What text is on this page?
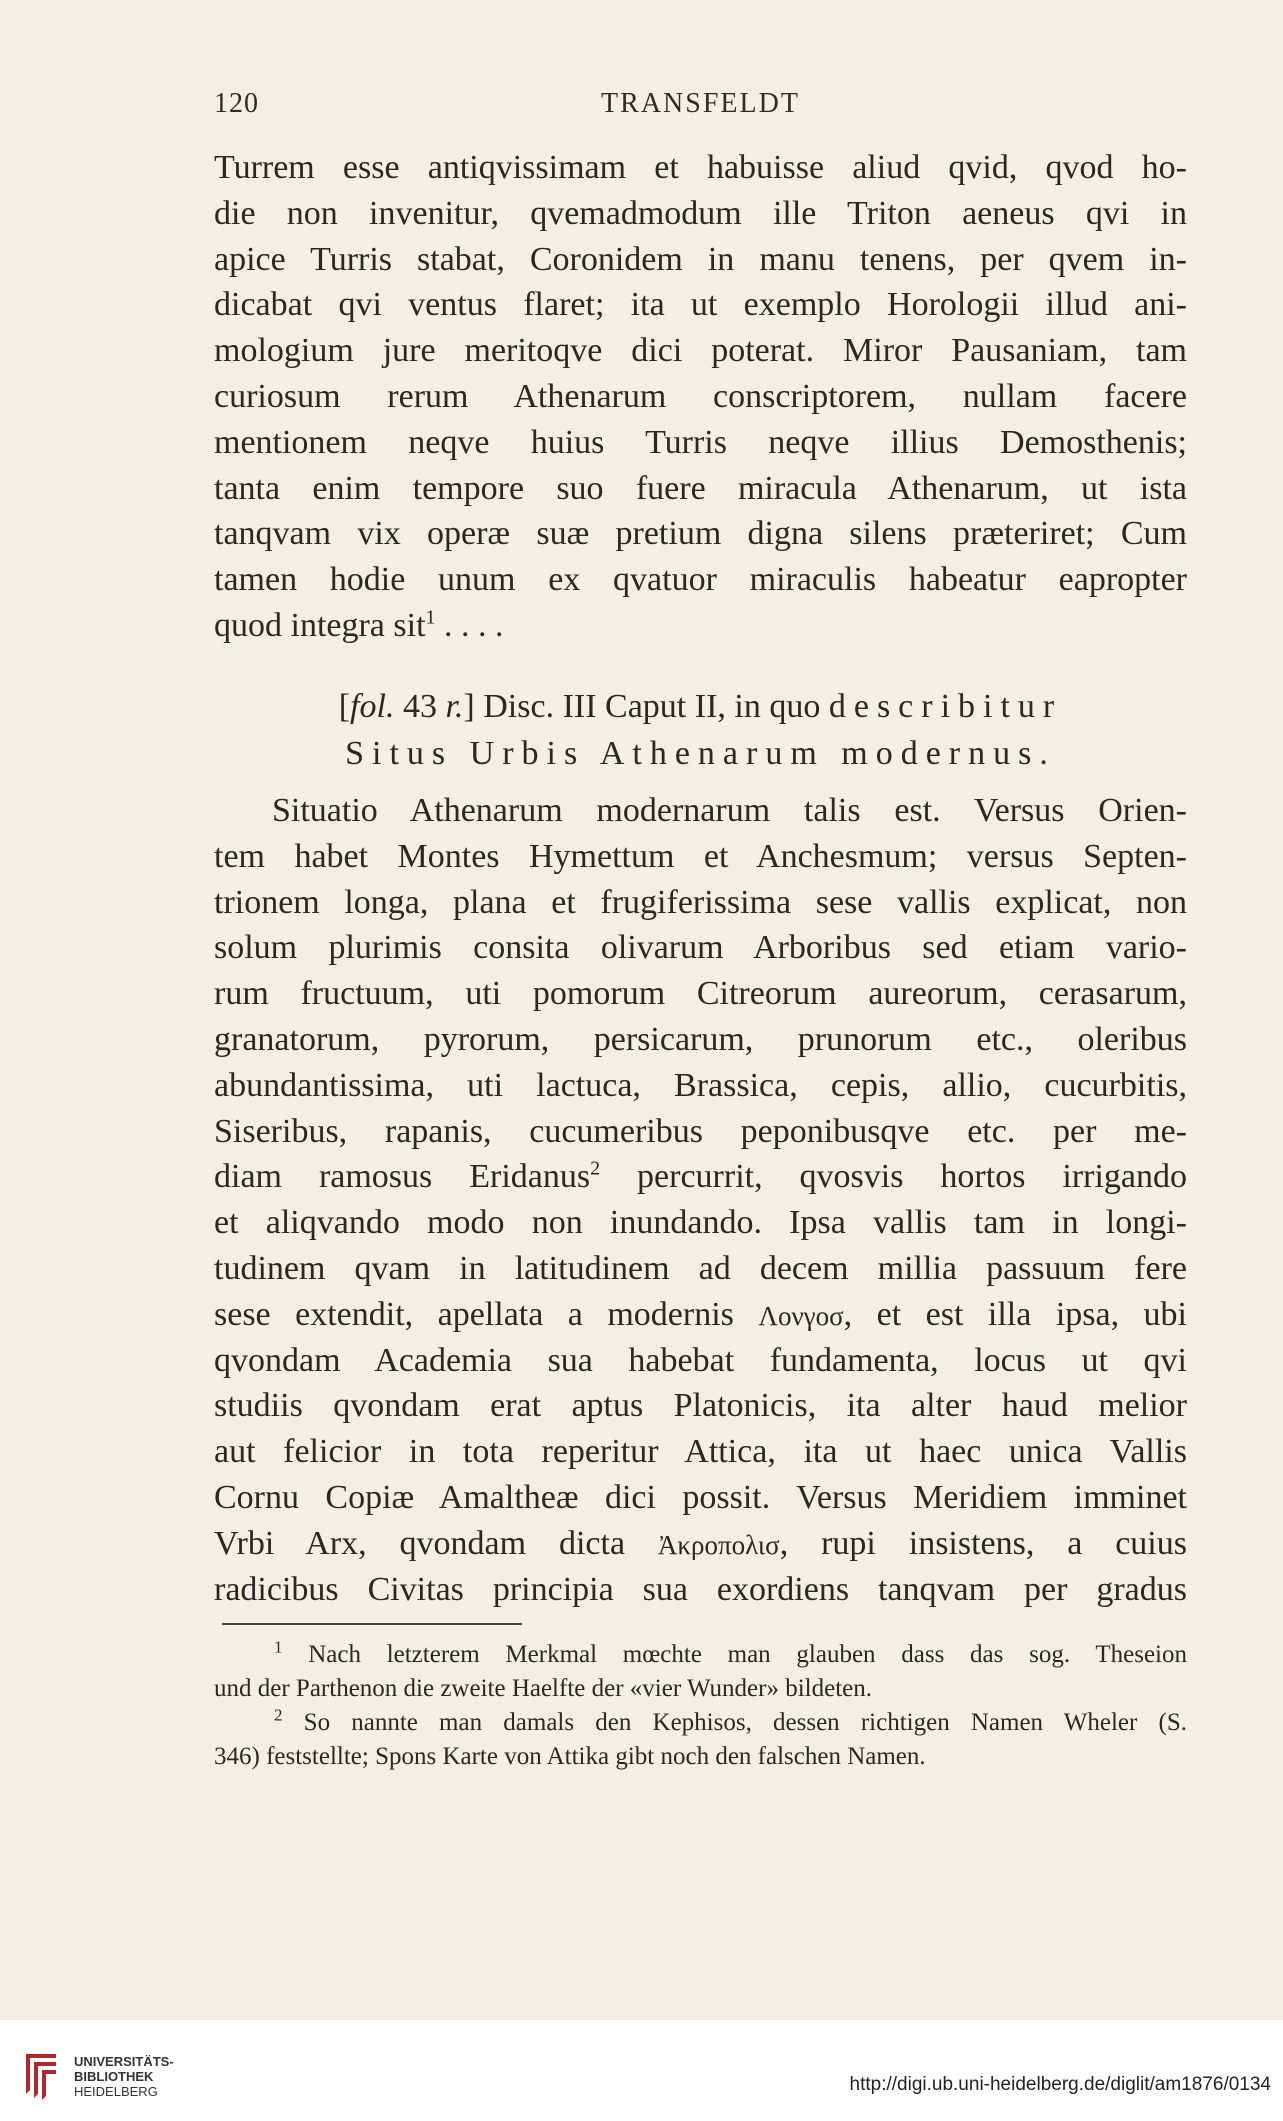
120	TRANSFELDT
Turrem esse antiqvissimam et habuisse aliud qvid, qvod ho-
die non invenitur, qvemadmodum ille Triton aeneus qvi in
apice Turris stabat, Coronidem in manu tenens, per qvem in-
dicabat qvi ventus flaret; ita ut exemplo Horologii illud ani-
mologium jure meritoqve dici poterat. Miror Pausaniam, tam
curiosum rerum Athenarum conscriptorem, nullam facere
mentionem neqve huius Turris neqve illius Demosthenis;
tanta enim tempore suo fuere miracula Athenarum, ut ista
tanqvam vix operæ suæ pretium digna silens præteriret; Cum
tamen hodie unum ex qvatuor miraculis habeatur eapropter
quod integra sit$^1$ . . . .
[fol. 43 r.] Disc. III Caput II, in quo describitur
Situs Urbis Athenarum modernus.
Situatio Athenarum modernarum talis est. Versus Orien-
tem habet Montes Hymettum et Anchesmum; versus Septen-
trionem longa, plana et frugiferissima sese vallis explicat, non
solum plurimis consita olivarum Arboribus sed etiam vario-
rum fructuum, uti pomorum Citreorum aureorum, cerasarum,
granatorum, pyrorum, persicarum, prunorum etc., oleribus
abundantissima, uti lactuca, Brassica, cepis, allio, cucurbitis,
Siseribus, rapanis, cucumeribus peponibusqve etc. per me-
diam ramosus Eridanus$^2$ percurrit, qvosvis hortos irrigando
et aliqvando modo non inundando. Ipsa vallis tam in longi-
tudinem qvam in latitudinem ad decem millia passuum fere
sese extendit, apellata a modernis Λονγοσ, et est illa ipsa, ubi
qvondam Academia sua habebat fundamenta, locus ut qvi
studiis qvondam erat aptus Platonicis, ita alter haud melior
aut felicior in tota reperitur Attica, ita ut haec unica Vallis
Cornu Copiæ Amaltheæ dici possit. Versus Meridiem imminet
Vrbi Arx, qvondam dicta Ἀκροπολισ, rupi insistens, a cuius
radicibus Civitas principia sua exordiens tanqvam per gradus
$^1$ Nach letzterem Merkmal mœchte man glauben dass das sog. Theseion
und der Parthenon die zweite Haelfte der «vier Wunder» bildeten.
$^2$ So nannte man damals den Kephisos, dessen richtigen Namen Wheler (S.
346) feststellte; Spons Karte von Attika gibt noch den falschen Namen.
UNIVERSITÄTS-
BIBLIOTHEK
HEIDELBERG	http://digi.ub.uni-heidelberg.de/diglit/am1876/0134
